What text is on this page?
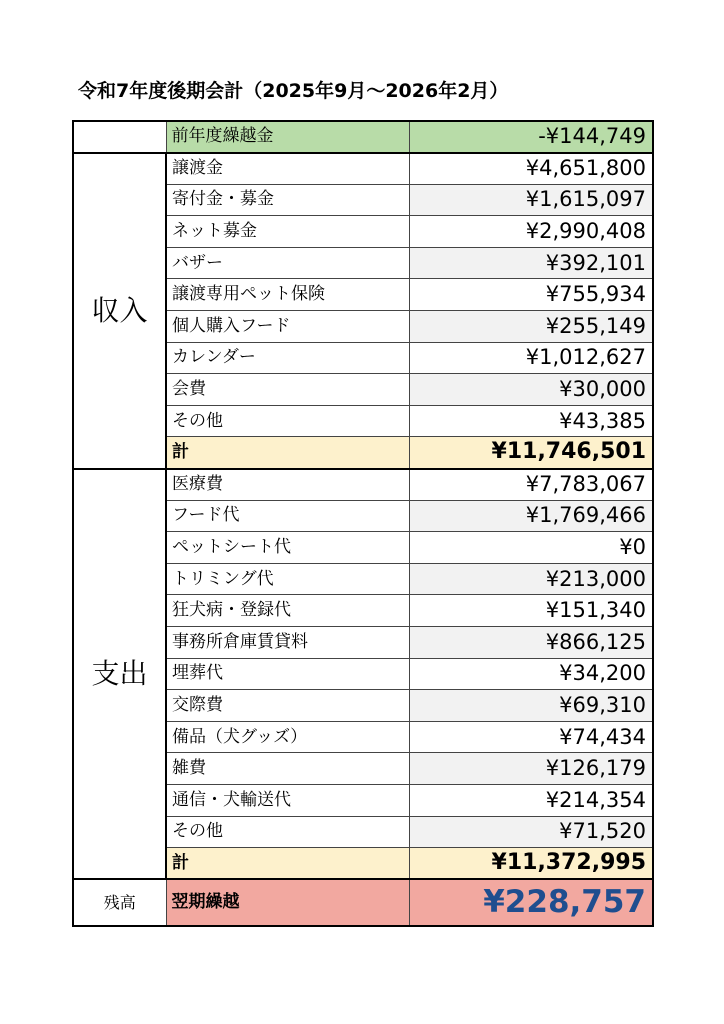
令和7年度後期会計（2025年9月～2026年2月）
	前年度繰越金	-¥144,749
収入	譲渡金	¥4,651,800
	寄付金・募金	¥1,615,097
	ネット募金	¥2,990,408
	バザー	¥392,101
	譲渡専用ペット保険	¥755,934
	個人購入フード	¥255,149
	カレンダー	¥1,012,627
	会費	¥30,000
	その他	¥43,385
	計	¥11,746,501
支出	医療費	¥7,783,067
	フード代	¥1,769,466
	ペットシート代	¥0
	トリミング代	¥213,000
	狂犬病・登録代	¥151,340
	事務所倉庫賃貸料	¥866,125
	埋葬代	¥34,200
	交際費	¥69,310
	備品（犬グッズ）	¥74,434
	雑費	¥126,179
	通信・犬輸送代	¥214,354
	その他	¥71,520
	計	¥11,372,995
残高	翌期繰越	¥228,757
